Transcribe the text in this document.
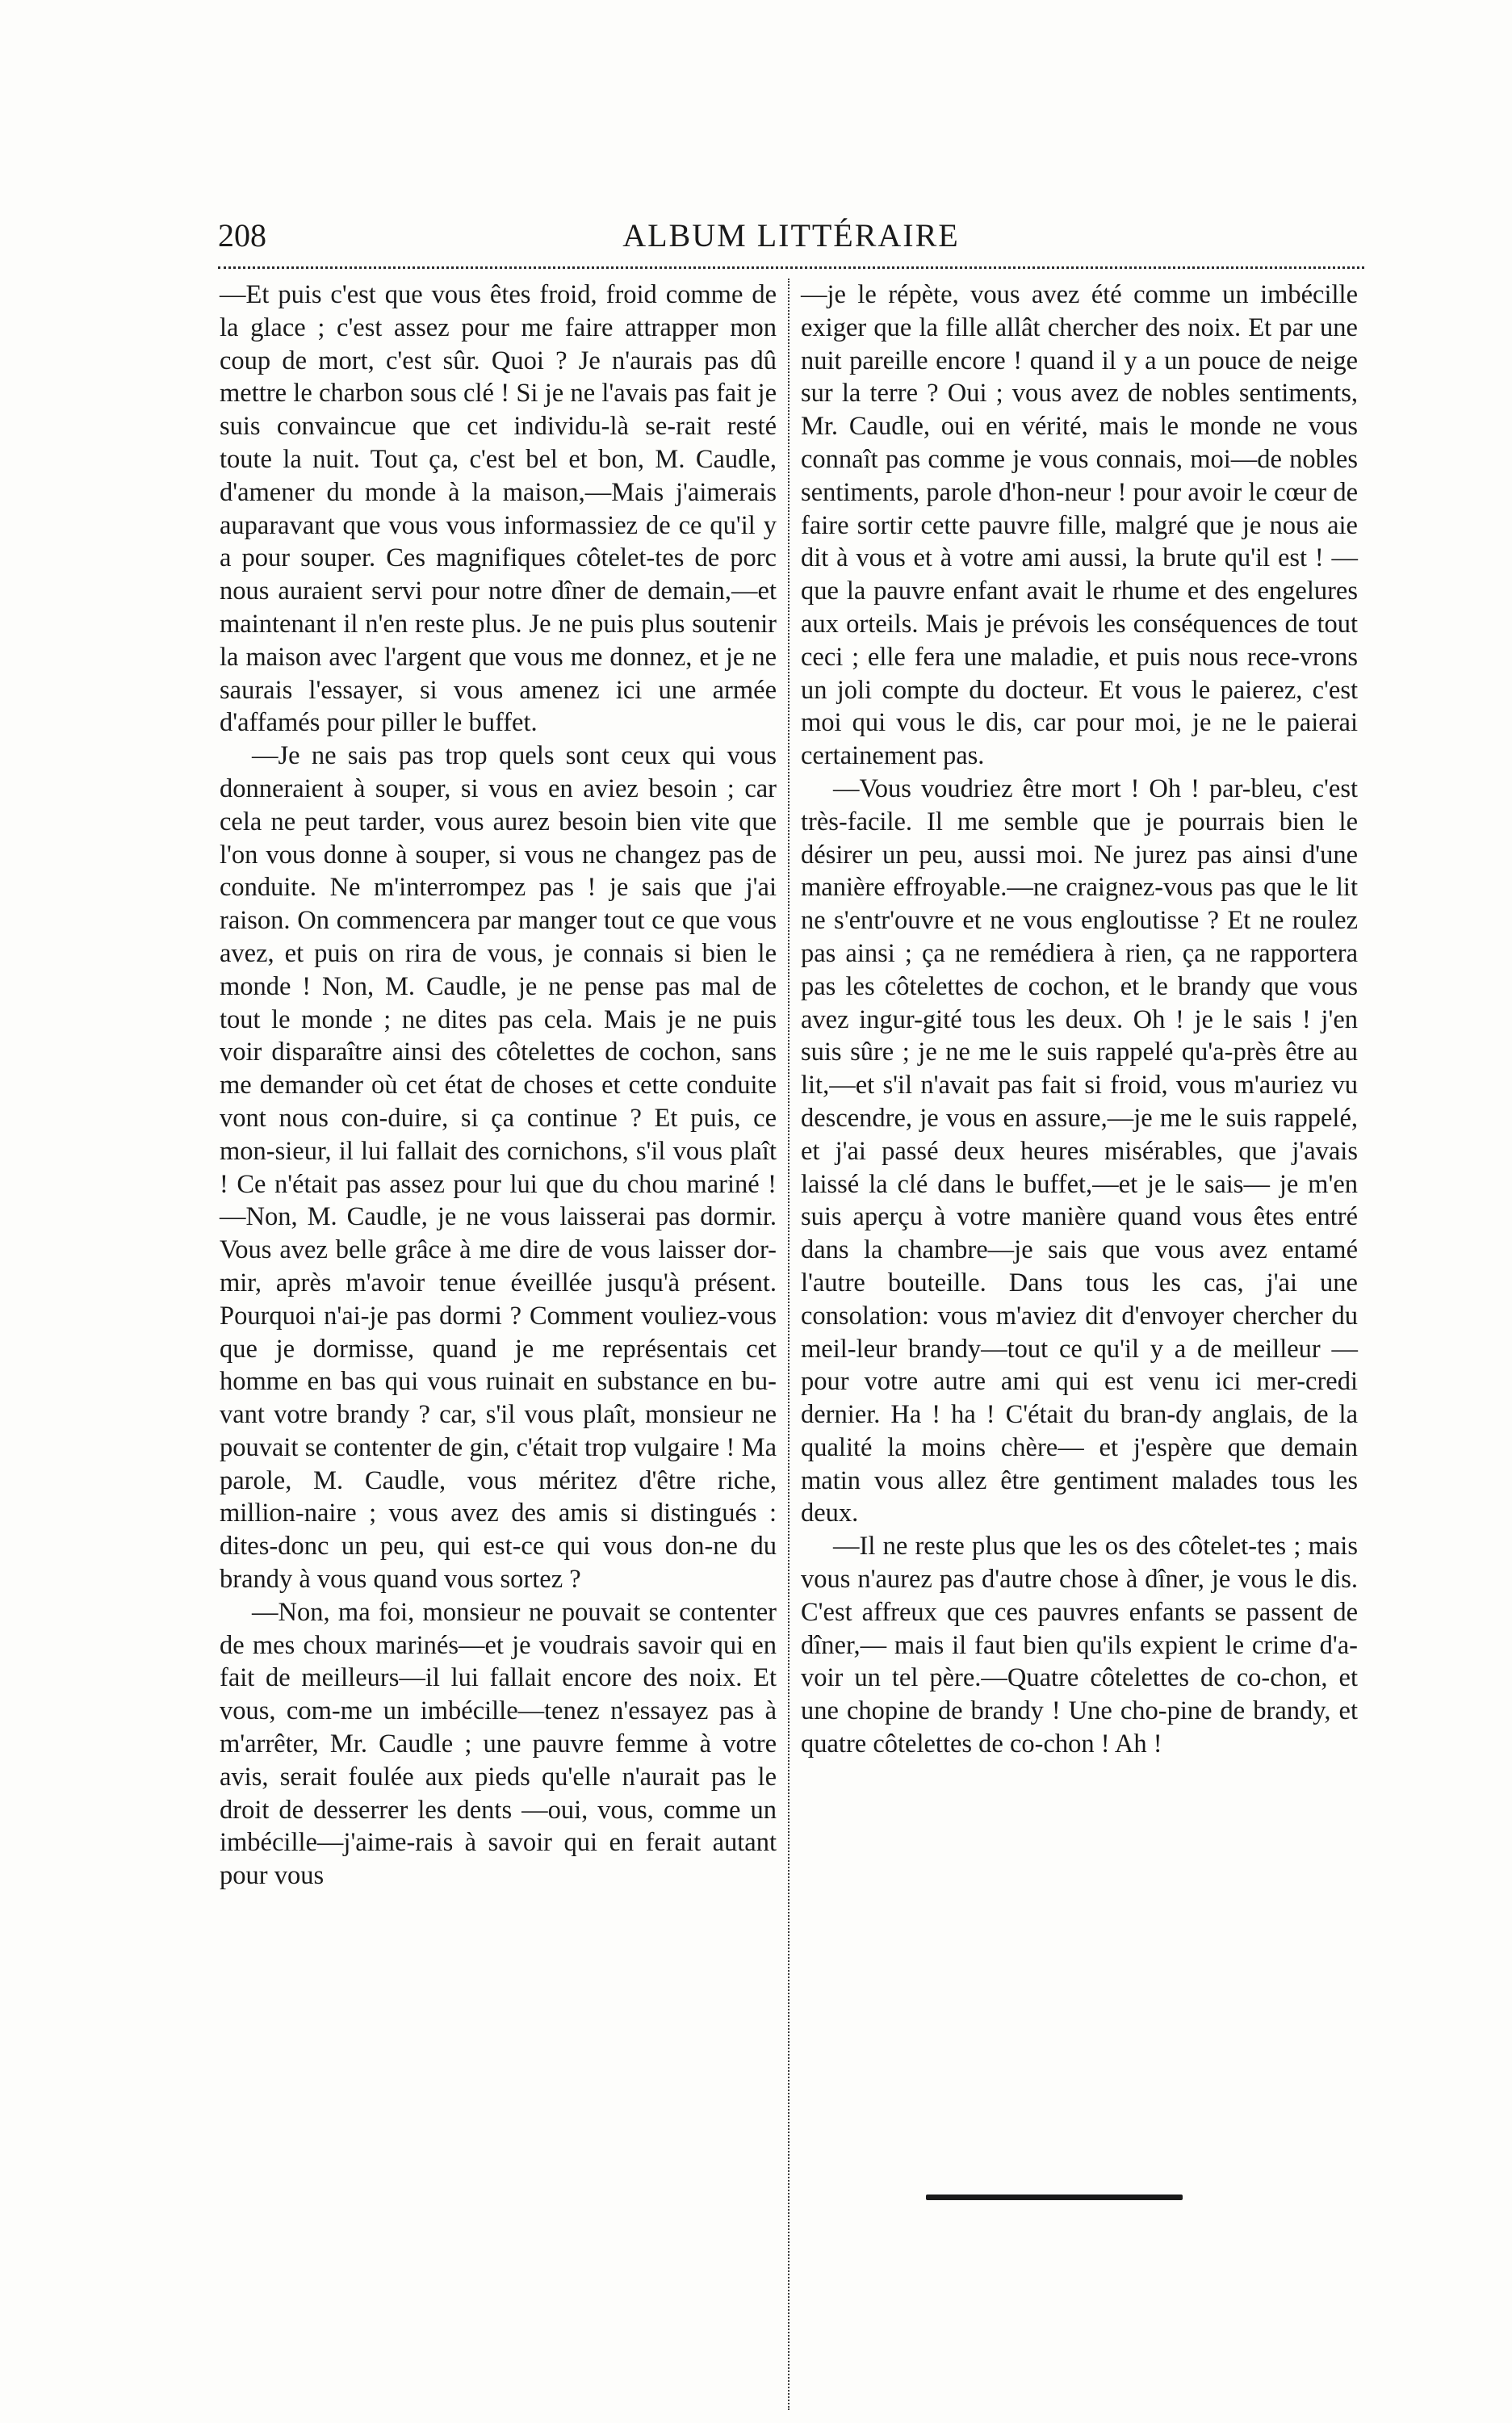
208	ALBUM LITTÉRAIRE

—Et puis c'est que vous êtes froid, froid comme de la glace ; c'est assez pour me faire attrapper mon coup de mort, c'est sûr. Quoi ? Je n'aurais pas dû mettre le charbon sous clé ! Si je ne l'avais pas fait je suis convaincue que cet individu-là se-rait resté toute la nuit. Tout ça, c'est bel et bon, M. Caudle, d'amener du monde à la maison,—Mais j'aimerais auparavant que vous vous informassiez de ce qu'il y a pour souper. Ces magnifiques côtelet-tes de porc nous auraient servi pour notre dîner de demain,—et maintenant il n'en reste plus. Je ne puis plus soutenir la maison avec l'argent que vous me donnez, et je ne saurais l'essayer, si vous amenez ici une armée d'affamés pour piller le buffet.

—Je ne sais pas trop quels sont ceux qui vous donneraient à souper, si vous en aviez besoin ; car cela ne peut tarder, vous aurez besoin bien vite que l'on vous donne à souper, si vous ne changez pas de conduite. Ne m'interrompez pas ! je sais que j'ai raison. On commencera par manger tout ce que vous avez, et puis on rira de vous, je connais si bien le monde ! Non, M. Caudle, je ne pense pas mal de tout le monde ; ne dites pas cela. Mais je ne puis voir disparaître ainsi des côtelettes de cochon, sans me demander où cet état de choses et cette conduite vont nous con-duire, si ça continue ? Et puis, ce mon-sieur, il lui fallait des cornichons, s'il vous plaît ! Ce n'était pas assez pour lui que du chou mariné !—Non, M. Caudle, je ne vous laisserai pas dormir. Vous avez belle grâce à me dire de vous laisser dor-mir, après m'avoir tenue éveillée jusqu'à présent. Pourquoi n'ai-je pas dormi ? Comment vouliez-vous que je dormisse, quand je me représentais cet homme en bas qui vous ruinait en substance en bu-vant votre brandy ? car, s'il vous plaît, monsieur ne pouvait se contenter de gin, c'était trop vulgaire ! Ma parole, M. Caudle, vous méritez d'être riche, million-naire ; vous avez des amis si distingués : dites-donc un peu, qui est-ce qui vous don-ne du brandy à vous quand vous sortez ?

—Non, ma foi, monsieur ne pouvait se contenter de mes choux marinés—et je voudrais savoir qui en fait de meilleurs—il lui fallait encore des noix. Et vous, com-me un imbécille—tenez n'essayez pas à m'arrêter, Mr. Caudle ; une pauvre femme à votre avis, serait foulée aux pieds qu'elle n'aurait pas le droit de desserrer les dents —oui, vous, comme un imbécille—j'aime-rais à savoir qui en ferait autant pour vous

—je le répète, vous avez été comme un imbécille exiger que la fille allât chercher des noix. Et par une nuit pareille encore ! quand il y a un pouce de neige sur la terre ? Oui ; vous avez de nobles sentiments, Mr. Caudle, oui en vérité, mais le monde ne vous connaît pas comme je vous connais, moi—de nobles sentiments, parole d'hon-neur ! pour avoir le cœur de faire sortir cette pauvre fille, malgré que je nous aie dit à vous et à votre ami aussi, la brute qu'il est ! —que la pauvre enfant avait le rhume et des engelures aux orteils. Mais je prévois les conséquences de tout ceci ; elle fera une maladie, et puis nous rece-vrons un joli compte du docteur. Et vous le paierez, c'est moi qui vous le dis, car pour moi, je ne le paierai certainement pas.

—Vous voudriez être mort ! Oh ! par-bleu, c'est très-facile. Il me semble que je pourrais bien le désirer un peu, aussi moi. Ne jurez pas ainsi d'une manière effroyable.—ne craignez-vous pas que le lit ne s'entr'ouvre et ne vous engloutisse ? Et ne roulez pas ainsi ; ça ne remédiera à rien, ça ne rapportera pas les côtelettes de cochon, et le brandy que vous avez ingur-gité tous les deux. Oh ! je le sais ! j'en suis sûre ; je ne me le suis rappelé qu'a-près être au lit,—et s'il n'avait pas fait si froid, vous m'auriez vu descendre, je vous en assure,—je me le suis rappelé, et j'ai passé deux heures misérables, que j'avais laissé la clé dans le buffet,—et je le sais— je m'en suis aperçu à votre manière quand vous êtes entré dans la chambre—je sais que vous avez entamé l'autre bouteille. Dans tous les cas, j'ai une consolation: vous m'aviez dit d'envoyer chercher du meil-leur brandy—tout ce qu'il y a de meilleur —pour votre autre ami qui est venu ici mer-credi dernier. Ha ! ha ! C'était du bran-dy anglais, de la qualité la moins chère— et j'espère que demain matin vous allez être gentiment malades tous les deux.

—Il ne reste plus que les os des côtelet-tes ; mais vous n'aurez pas d'autre chose à dîner, je vous le dis. C'est affreux que ces pauvres enfants se passent de dîner,— mais il faut bien qu'ils expient le crime d'a-voir un tel père.—Quatre côtelettes de co-chon, et une chopine de brandy ! Une cho-pine de brandy, et quatre côtelettes de co-chon ! Ah !
